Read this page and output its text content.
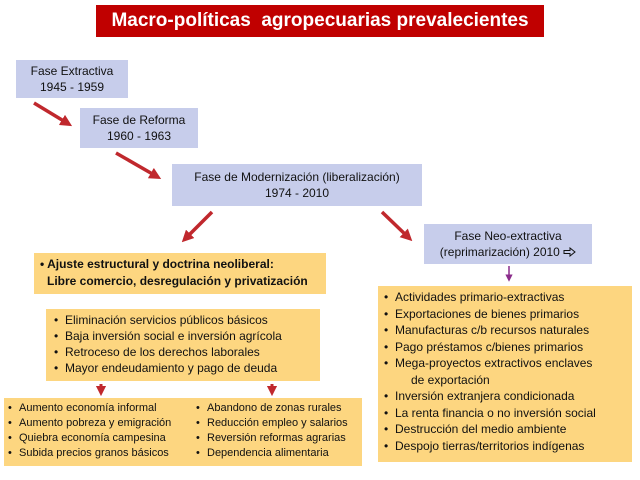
Macro-políticas  agropecuarias prevalecientes
Fase Extractiva
1945 - 1959
Fase de Reforma
1960 - 1963
Fase de Modernización (liberalización)
1974 - 2010
Fase Neo-extractiva
(reprimarización) 2010
• Ajuste estructural y doctrina neoliberal:
Libre comercio, desregulación y privatización
• Eliminación servicios públicos básicos
• Baja inversión social e inversión agrícola
• Retroceso de los derechos laborales
• Mayor endeudamiento y pago de deuda
• Aumento economía informal
• Aumento pobreza y emigración
• Quiebra economía campesina
• Subida precios granos básicos
• Abandono de zonas rurales
• Reducción empleo y salarios
• Reversión reformas agrarias
• Dependencia alimentaria
• Actividades primario-extractivas
• Exportaciones de bienes primarios
• Manufacturas c/b recursos naturales
• Pago préstamos c/bienes primarios
• Mega-proyectos extractivos enclaves
de exportación
• Inversión extranjera condicionada
• La renta financia o no inversión social
• Destrucción del medio ambiente
• Despojo tierras/territorios indígenas
